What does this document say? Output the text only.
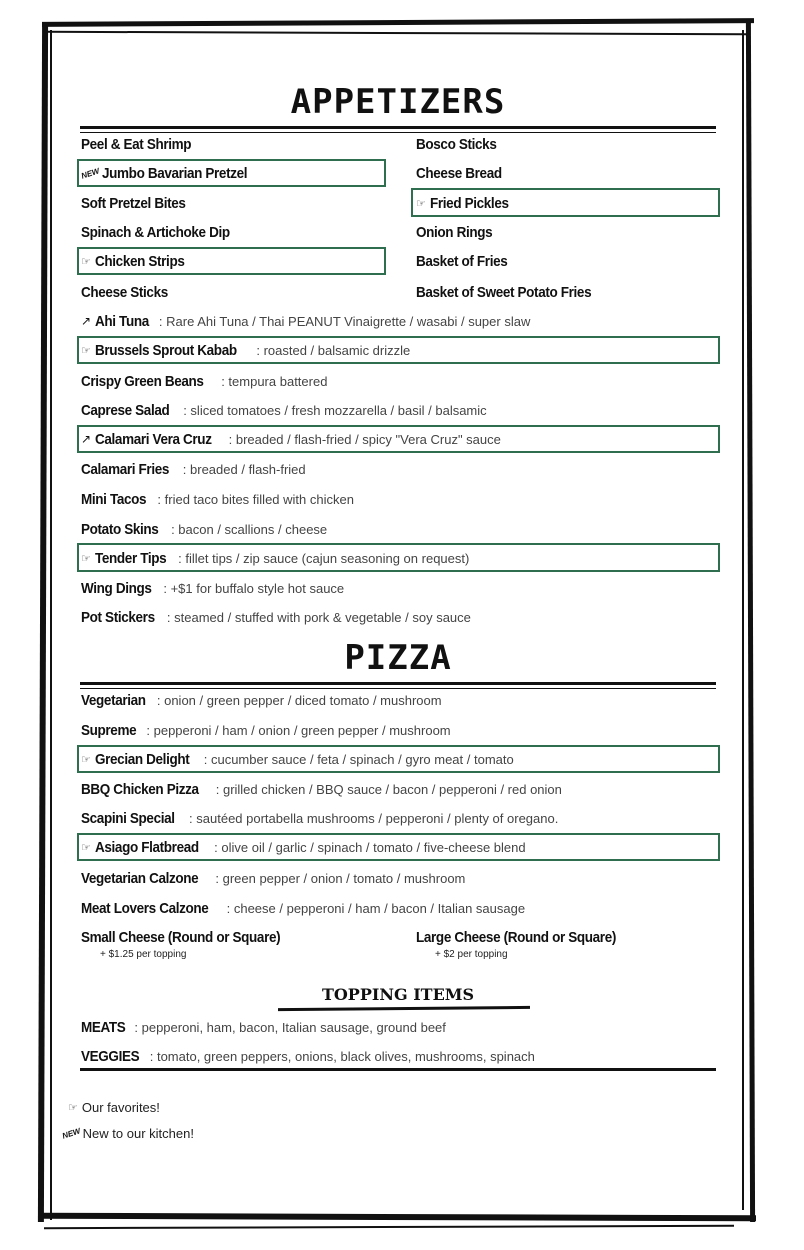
APPETIZERS
Peel & Eat Shrimp
NEW Jumbo Bavarian Pretzel
Soft Pretzel Bites
Spinach & Artichoke Dip
☞ Chicken Strips
Cheese Sticks
Bosco Sticks
Cheese Bread
☞ Fried Pickles
Onion Rings
Basket of Fries
Basket of Sweet Potato Fries
↗ Ahi Tuna : Rare Ahi Tuna / Thai PEANUT Vinaigrette / wasabi / super slaw
☞ Brussels Sprout Kabab : roasted / balsamic drizzle
Crispy Green Beans : tempura battered
Caprese Salad : sliced tomatoes / fresh mozzarella / basil / balsamic
↗ Calamari Vera Cruz : breaded / flash-fried / spicy "Vera Cruz" sauce
Calamari Fries : breaded / flash-fried
Mini Tacos : fried taco bites filled with chicken
Potato Skins : bacon / scallions / cheese
☞ Tender Tips : fillet tips / zip sauce (cajun seasoning on request)
Wing Dings : +$1 for buffalo style hot sauce
Pot Stickers : steamed / stuffed with pork & vegetable / soy sauce
PIZZA
Vegetarian : onion / green pepper / diced tomato / mushroom
Supreme : pepperoni / ham / onion / green pepper / mushroom
☞ Grecian Delight : cucumber sauce / feta / spinach / gyro meat / tomato
BBQ Chicken Pizza : grilled chicken / BBQ sauce / bacon / pepperoni / red onion
Scapini Special : sautéed portabella mushrooms / pepperoni / plenty of oregano.
☞ Asiago Flatbread : olive oil / garlic / spinach / tomato / five-cheese blend
Vegetarian Calzone : green pepper / onion / tomato / mushroom
Meat Lovers Calzone : cheese / pepperoni / ham / bacon / Italian sausage
Small Cheese (Round or Square)
+ $1.25 per topping
Large Cheese (Round or Square)
+ $2 per topping
TOPPING ITEMS
MEATS : pepperoni, ham, bacon, Italian sausage, ground beef
VEGGIES : tomato, green peppers, onions, black olives, mushrooms, spinach
☞ Our favorites!
NEW New to our kitchen!
